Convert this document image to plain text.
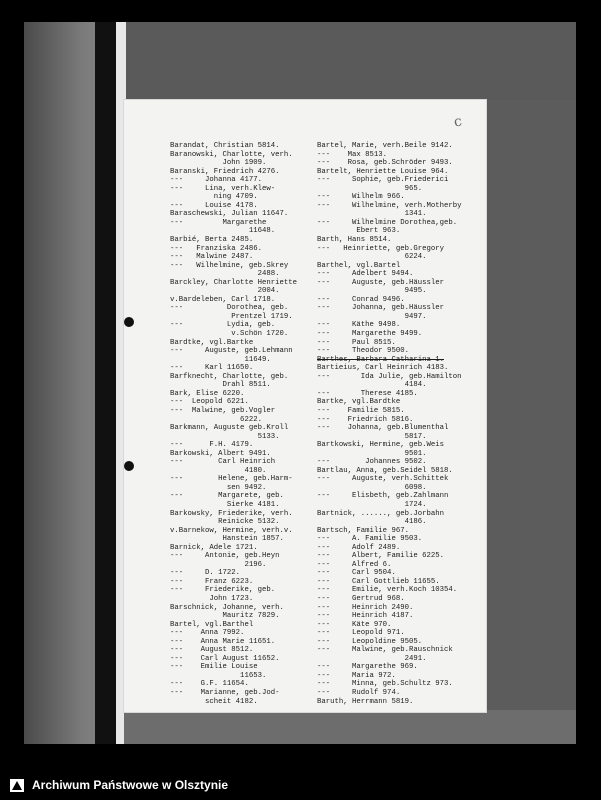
c
Barandat, Christian 5814.
Baranowski, Charlotte, verh.
John 1909.
Baranski, Friedrich 4276.
---     Johanna 4177.
---     Lina, verh.Klew-
ning 4709.
---     Louise 4178.
Baraschewski, Julian 11647.
---         Margarethe
11648.
Barbié, Berta 2485.
---   Franziska 2486.
---   Malwine 2487.
---   Wilhelmine, geb.Skrey
2488.
Barckley, Charlotte Henriette
2004.
v.Bardeleben, Carl 1718.
---          Dorothea, geb.
Prentzel 1719.
---          Lydia, geb.
v.Schön 1720.
Bardtke, vgl.Bartke
---     Auguste, geb.Lehmann
11649.
---     Karl 11650.
Barfknecht, Charlotte, geb.
Drahl 8511.
Bark, Elise 6220.
---  Leopold 6221.
---  Malwine, geb.Vogler
6222.
Barkmann, Auguste geb.Kroll
5133.
---      F.H. 4179.
Barkowski, Albert 9491.
---        Carl Heinrich
4180.
---        Helene, geb.Harm-
sen 9492.
---        Margarete, geb.
Sierke 4181.
Barkowsky, Friederike, verh.
Reinicke 5132.
v.Barnekow, Hermine, verh.v.
Hanstein 1857.
Barnick, Adele 1721.
---     Antonie, geb.Heyn
2196.
---     D. 1722.
---     Franz 6223.
---     Friederike, geb.
John 1723.
Barschnick, Johanne, verh.
Mauritz 7829.
Bartel, vgl.Barthel
---    Anna 7992.
---    Anna Marie 11651.
---    August 8512.
---    Carl August 11652.
---    Emilie Louise
11653.
---    G.F. 11654.
---    Marianne, geb.Jod-
scheit 4182.
Bartel, Marie, verh.Beile 9142.
---    Max 8513.
---    Rosa, geb.Schröder 9493.
Bartelt, Henriette Louise 964.
---     Sophie, geb.Friederici
965.
---     Wilhelm 966.
---     Wilhelmine, verh.Motherby
1341.
---     Wilhelmine Dorothea,geb.
Ebert 963.
Barth, Hans 8514.
---   Heinriette, geb.Gregory
6224.
Barthel, vgl.Bartel
---     Adelbert 9494.
---     Auguste, geb.Häussler
9495.
---     Conrad 9496.
---     Johanna, geb.Häussler
9497.
---     Käthe 9498.
---     Margarethe 9499.
---     Paul 8515.
---     Theodor 9500.
Barthes, Barbara Catharina 1.
Bartieius, Carl Heinrich 4183.
---       Ida Julie, geb.Hamilton
4184.
---       Therese 4185.
Bartke, vgl.Bardtke
---    Familie 5815.
---    Friedrich 5816.
---    Johanna, geb.Blumenthal
5817.
Bartkowski, Hermine, geb.Weis
9501.
---        Johannes 9502.
Bartlau, Anna, geb.Seidel 5818.
---     Auguste, verh.Schittek
6098.
---     Elisbeth, geb.Zahlmann
1724.
Bartnick, ......, geb.Jorbahn
4186.
Bartsch, Familie 967.
---     A. Familie 9503.
---     Adolf 2489.
---     Albert, Familie 6225.
---     Alfred 6.
---     Carl 9504.
---     Carl Gottlieb 11655.
---     Emilie, verh.Koch 10354.
---     Gertrud 968.
---     Heinrich 2490.
---     Heinrich 4187.
---     Käte 970.
---     Leopold 971.
---     Leopoldine 9505.
---     Malwine, geb.Rauschnick
2491.
---     Margarethe 969.
---     Maria 972.
---     Minna, geb.Schultz 973.
---     Rudolf 974.
Baruth, Herrmann 5819.
Archiwum Państwowe w Olsztynie
